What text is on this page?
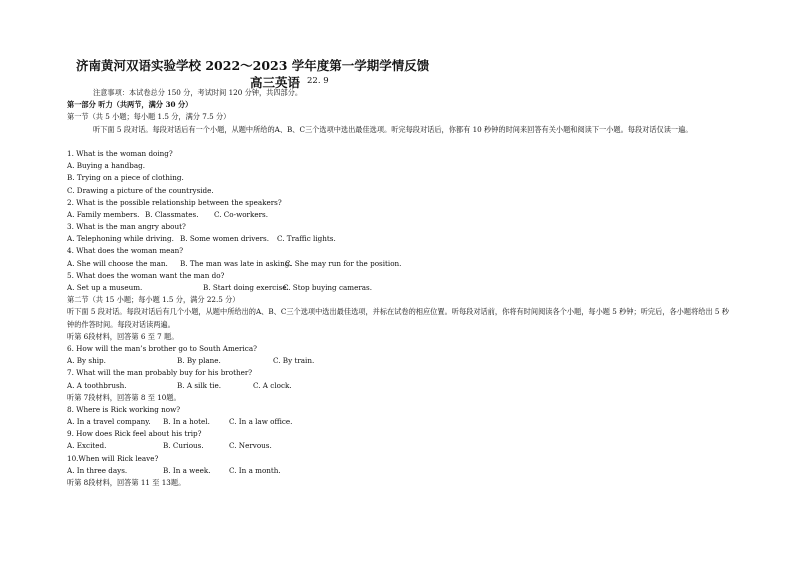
济南黄河双语实验学校 2022～2023 学年度第一学期学情反馈
高三英语 22. 9
注意事项：本试卷总分 150 分，考试时间 120 分钟，共四部分。
第一部分 听力（共两节，满分 30 分）
第一节（共 5 小题；每小题 1.5 分，满分 7.5 分）
听下面 5 段对话。每段对话后有一个小题，从题中所给的A、B、C三个选项中选出最佳选项。听完每段对话后，你都有 10 秒钟的时间来回答有关小题和阅读下一小题。每段对话仅读一遍。
1. What is the woman doing?
A. Buying a handbag.
B. Trying on a piece of clothing.
C. Drawing a picture of the countryside.
2. What is the possible relationship between the speakers?
A. Family members. B. Classmates. C. Co-workers.
3. What is the man angry about?
A. Telephoning while driving. B. Some women drivers. C. Traffic lights.
4. What does the woman mean?
A. She will choose the man. B. The man was late in asking.C. She may run for the position.
5. What does the woman want the man do?
A. Set up a museum.	B. Start doing exercise.C. Stop buying cameras.
第二节（共 15 小题；每小题 1.5 分，满分 22.5 分）
听下面 5 段对话。每段对话后有几个小题，从题中所给出的A、B、C三个选项中选出最佳选项，并标在试卷的相应位置。听每段对话前，你将有时间阅读各个小题，每小题 5 秒钟；听完后，各小题将给出 5 秒钟的作答时间。每段对话读两遍。
听第 6段材料，回答第 6 至 7 题。
6. How will the man’s brother go to South America?
A. By ship.	B. By plane.	C. By train.
7. What will the man probably buy for his brother?
A. A toothbrush.	B. A silk tie.	C. A clock.
听第 7段材料，回答第 8 至 10题。
8. Where is Rick working now?
A. In a travel company. B. In a hotel.	C. In a law office.
9. How does Rick feel about his trip?
A. Excited.	B. Curious.	C. Nervous.
10.When will Rick leave?
A. In three days.	B. In a week.	C. In a month.
听第 8段材料，回答第 11 至 13题。
